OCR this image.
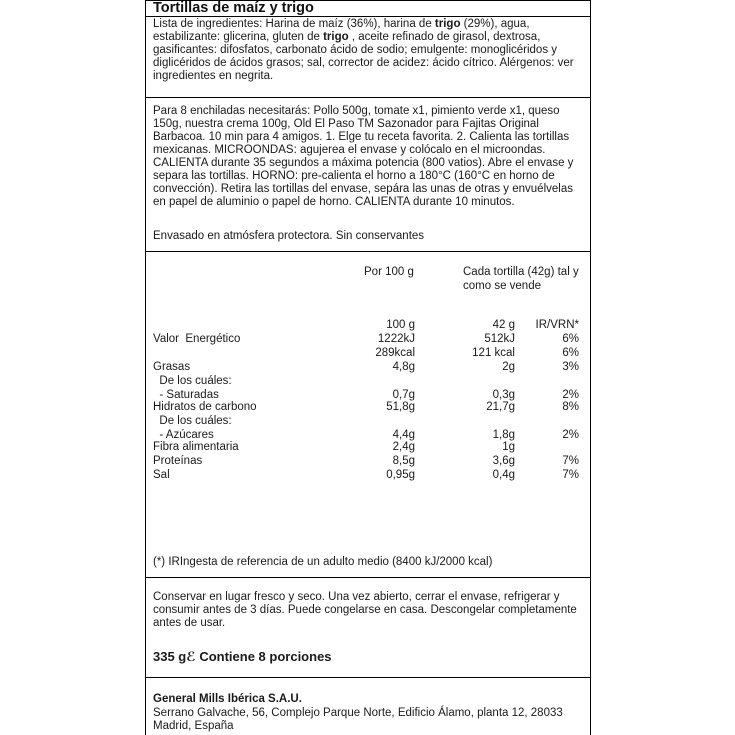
Tortillas de maíz y trigo
Lista de ingredientes: Harina de maíz (36%), harina de trigo (29%), agua, estabilizante: glicerina, gluten de trigo , aceite refinado de girasol, dextrosa, gasificantes: difosfatos, carbonato ácido de sodio; emulgente: monoglicéridos y diglicéridos de ácidos grasos; sal, corrector de acidez: ácido cítrico. Alérgenos: ver ingredientes en negrita.
Para 8 enchiladas necesitarás: Pollo 500g, tomate x1, pimiento verde x1, queso 150g, nuestra crema 100g, Old El Paso TM Sazonador para Fajitas Original Barbacoa. 10 min para 4 amigos. 1. Elge tu receta favorita. 2. Calienta las tortillas mexicanas. MICROONDAS: agujerea el envase y colócalo en el microondas. CALIENTA durante 35 segundos a máxima potencia (800 vatios). Abre el envase y separa las tortillas. HORNO: pre-calienta el horno a 180°C (160°C en horno de convección). Retira las tortillas del envase, sepára las unas de otras y envuélvelas en papel de aluminio o papel de horno. CALIENTA durante 10 minutos.
Envasado en atmósfera protectora. Sin conservantes
Por 100 g	Cada tortilla (42g) tal y
como se vende
100 g	42 g IR/VRN*
Valor  Energético	1222kJ	512kJ	6%
289kcal	121 kcal	6%
Grasas	4,8g	2g	3%
De los cuáles:
- Saturadas	0,7g	0,3g	2%
Hidratos de carbono	51,8g	21,7g	8%
De los cuáles:
- Azúcares	4,4g	1,8g	2%
Fibra alimentaria	2,4g	1g
Proteínas	8,5g	3,6g	7%
Sal	0,95g	0,4g	7%
(*) IRIngesta de referencia de un adulto medio (8400 kJ/2000 kcal)
Conservar en lugar fresco y seco. Una vez abierto, cerrar el envase, refrigerar y consumir antes de 3 días. Puede congelarse en casa. Descongelar completamente antes de usar.
335 gℰ Contiene 8 porciones
General Mills Ibérica S.A.U.
Serrano Galvache, 56, Complejo Parque Norte, Edificio Álamo, planta 12, 28033 Madrid, España
